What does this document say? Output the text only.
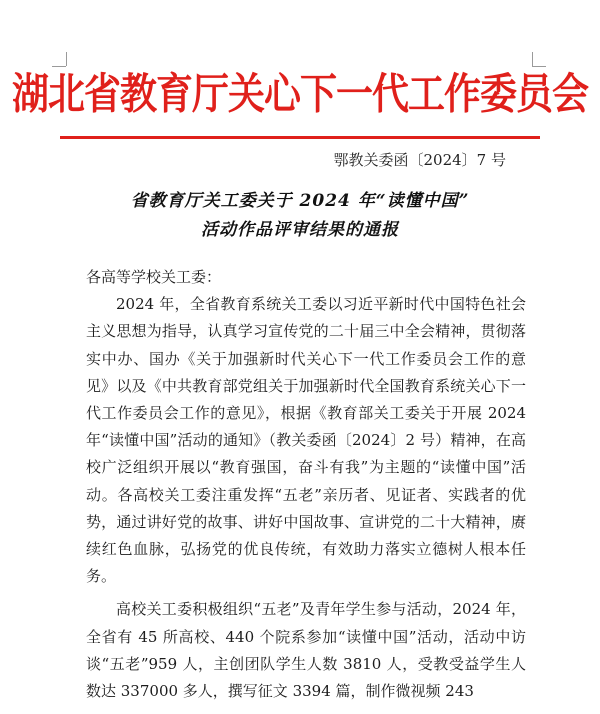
湖北省教育厅关心下一代工作委员会
鄂教关委函〔2024〕7 号
省教育厅关工委关于 2024 年“读懂中国”
活动作品评审结果的通报

各高等学校关工委：

2024 年，全省教育系统关工委以习近平新时代中国特色社会主义思想为指导，认真学习宣传党的二十届三中全会精神，贯彻落实中办、国办《关于加强新时代关心下一代工作委员会工作的意见》以及《中共教育部党组关于加强新时代全国教育系统关心下一代工作委员会工作的意见》，根据《教育部关工委关于开展 2024 年“读懂中国”活动的通知》（教关委函〔2024〕2 号）精神，在高校广泛组织开展以“教育强国，奋斗有我”为主题的“读懂中国”活动。各高校关工委注重发挥“五老”亲历者、见证者、实践者的优势，通过讲好党的故事、讲好中国故事、宣讲党的二十大精神，赓续红色血脉，弘扬党的优良传统，有效助力落实立德树人根本任务。

高校关工委积极组织“五老”及青年学生参与活动，2024 年，全省有 45 所高校、440 个院系参加“读懂中国”活动，活动中访谈“五老”959 人，主创团队学生人数 3810 人，受教受益学生人数达 337000 多人，撰写征文 3394 篇，制作微视频 243
